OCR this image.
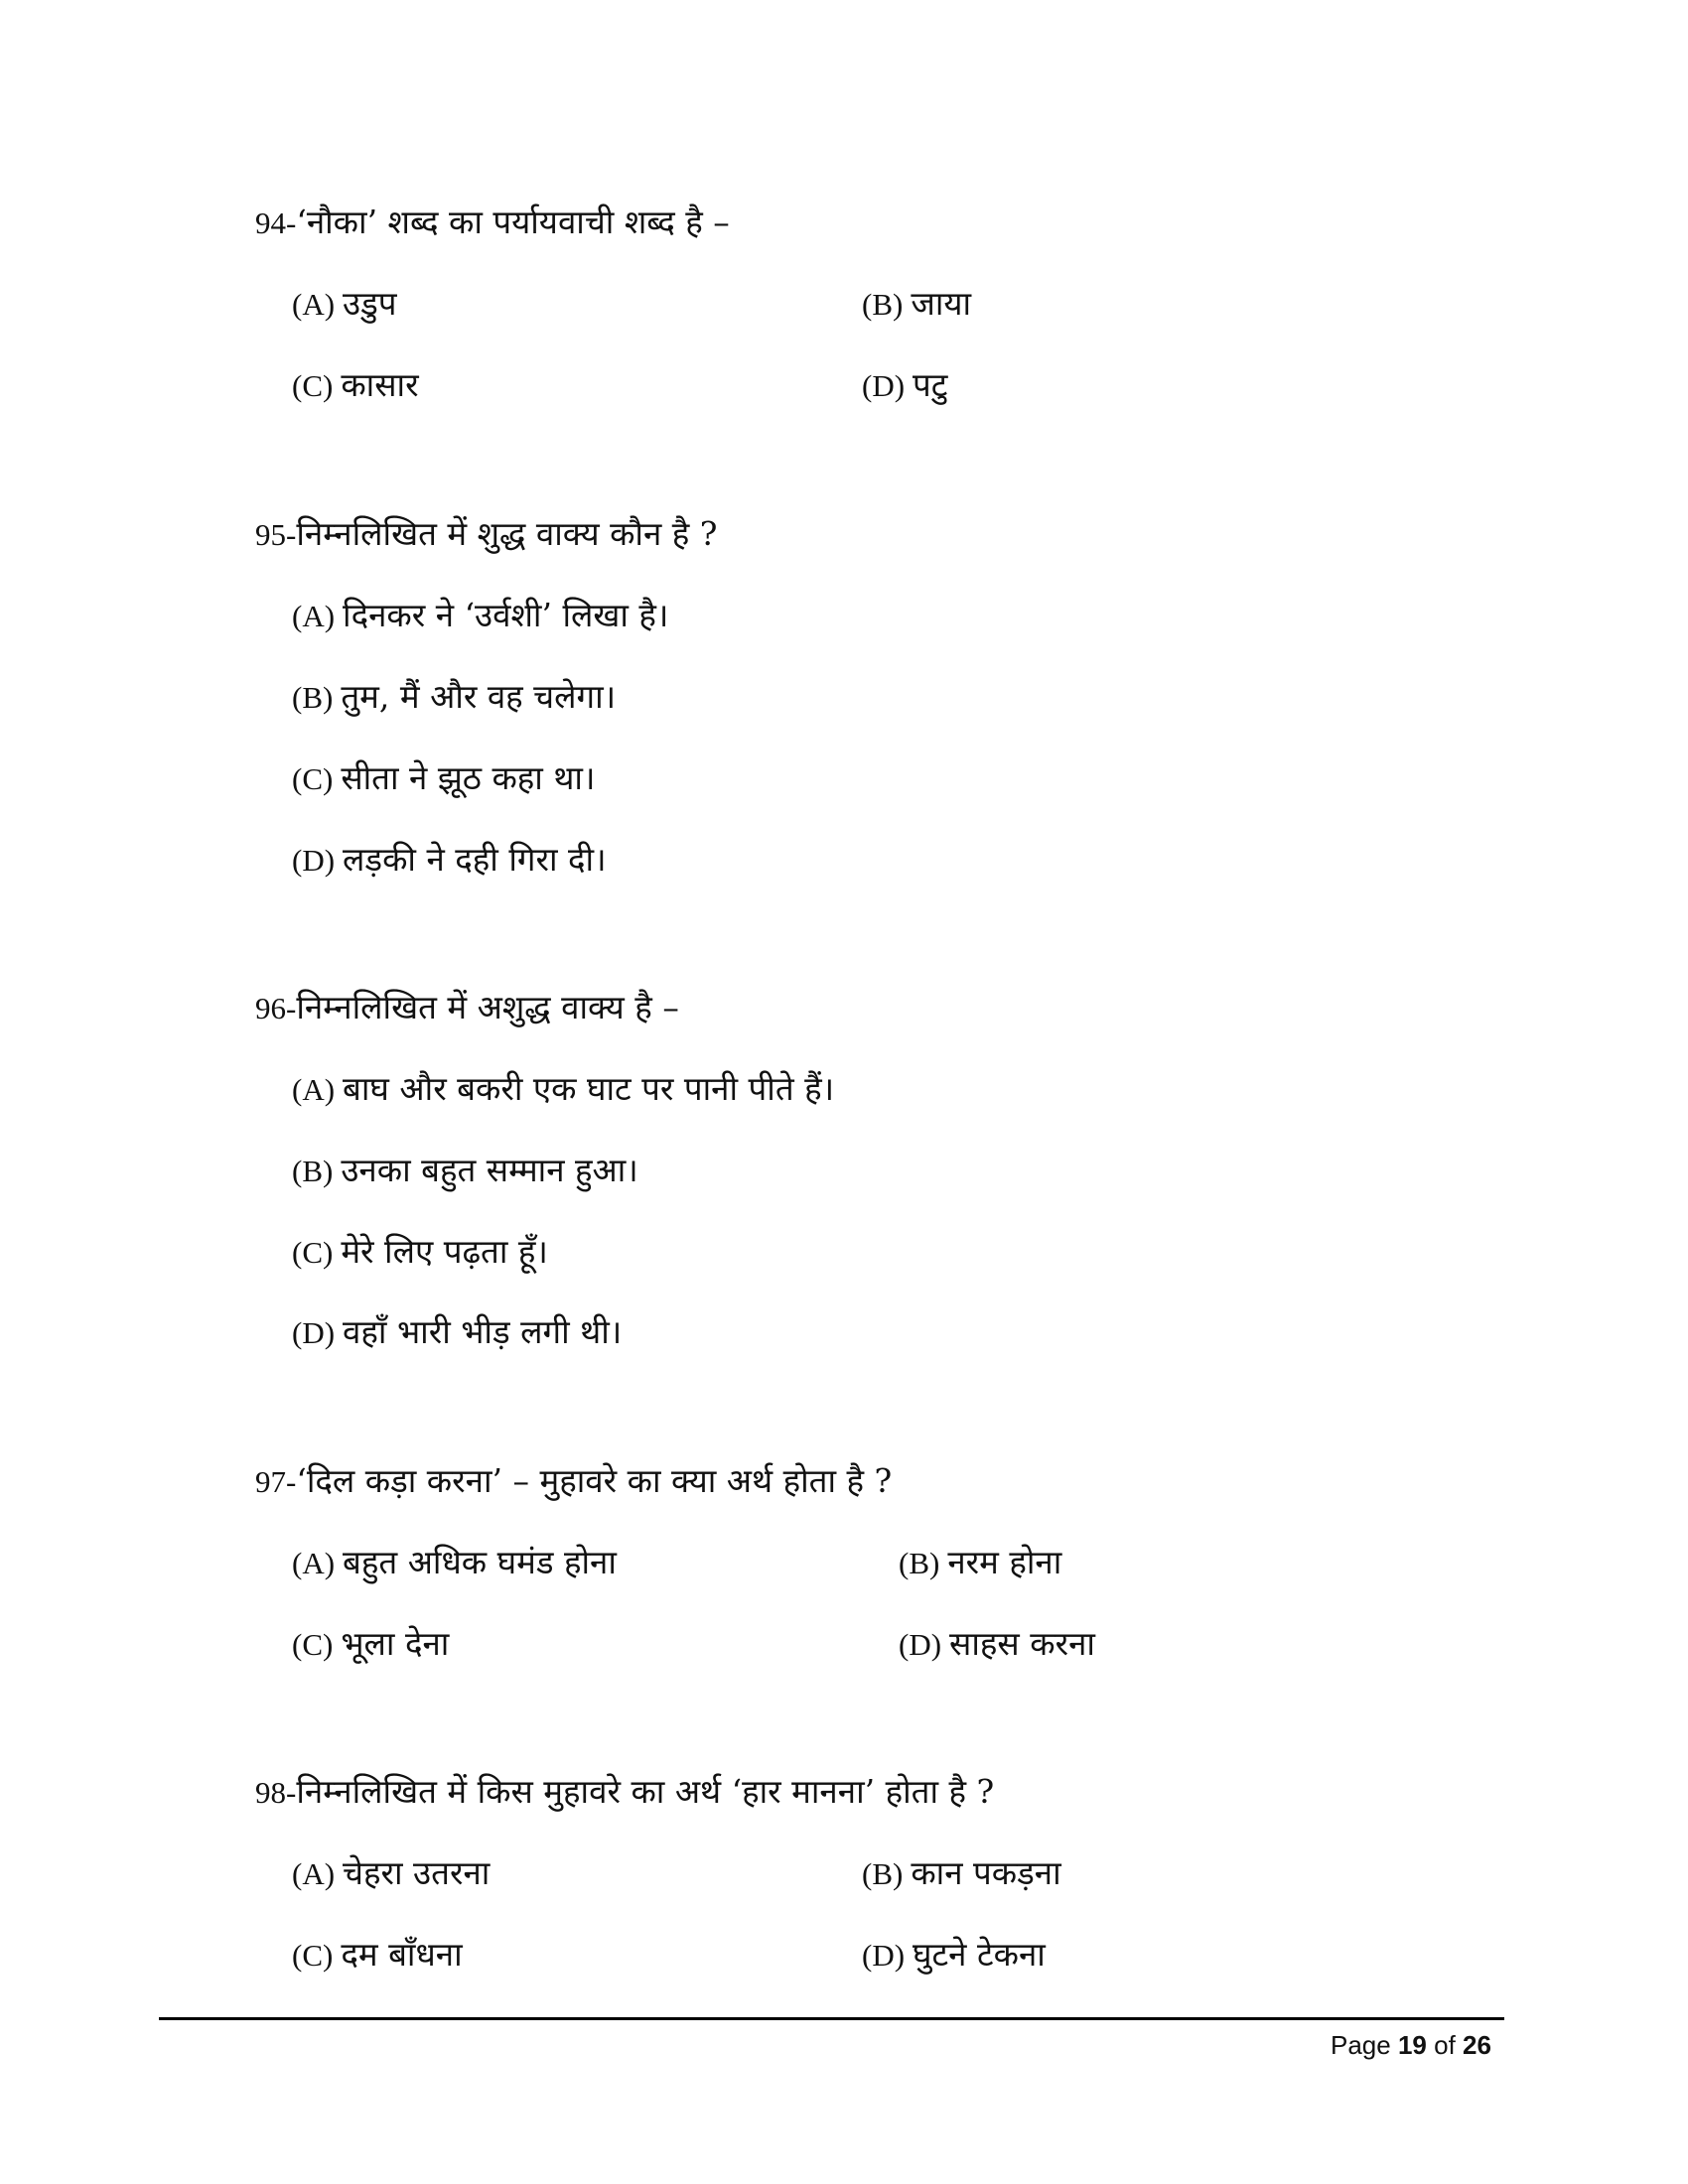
94-‘नौका’ शब्द का पर्यायवाची शब्द है –
(A) उडुप	(B) जाया
(C) कासार	(D) पटु
95-निम्नलिखित में शुद्ध वाक्य कौन है ?
(A) दिनकर ने ‘उर्वशी’ लिखा है।
(B) तुम, मैं और वह चलेगा।
(C) सीता ने झूठ कहा था।
(D) लड़की ने दही गिरा दी।
96-निम्नलिखित में अशुद्ध वाक्य है –
(A) बाघ और बकरी एक घाट पर पानी पीते हैं।
(B) उनका बहुत सम्मान हुआ।
(C) मेरे लिए पढ़ता हूँ।
(D) वहाँ भारी भीड़ लगी थी।
97-‘दिल कड़ा करना’ – मुहावरे का क्या अर्थ होता है ?
(A) बहुत अधिक घमंड होना	(B) नरम होना
(C) भूला देना	(D) साहस करना
98-निम्नलिखित में किस मुहावरे का अर्थ ‘हार मानना’ होता है ?
(A) चेहरा उतरना	(B) कान पकड़ना
(C) दम बाँधना	(D) घुटने टेकना
Page 19 of 26
